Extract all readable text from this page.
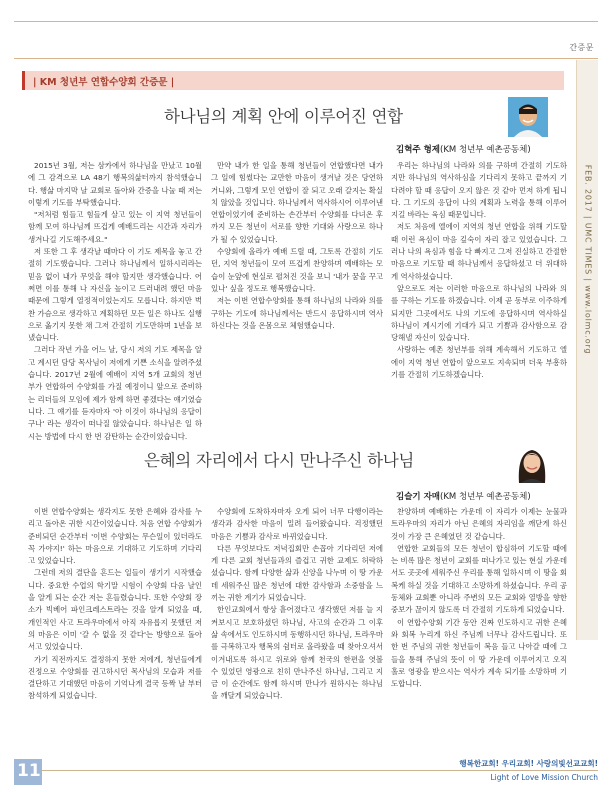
간증문
| KM 청년부 연합수양회 간증문 |
FEB. 2017 | UMC TIMES | www.lolmc.org
하나님의 계획 안에 이루어진 연합
김혁주 형제(KM 청년부 예촌공동체)

2015년 3월, 저는 삼카에서 하나님을 만났고 10월에 그 감격으로 LA 48기 행복의삶터까지 참석했습니다. 행삶 마지막 날 교회로 돌아와 간증을 나눌 때 저는 이렇게 기도를 부탁했습니다.

"저처럼 힘들고 힘들게 살고 있는 이 지역 청년들이 함께 모여 하나님께 뜨겁게 예배드리는 시간과 자리가 생겨나길 기도해주세요."

저 또한 그 후 생각날 때마다 이 기도 제목을 놓고 간절히 기도했습니다. 그러나 하나님께서 일하시리라는 믿음 없이 내가 무엇을 해야 할지만 생각했습니다. 어쩌면 이를 통해 나 자신을 높이고 드러내려 했던 마음 때문에 그렇게 열정적이었는지도 모릅니다. 하지만 벅찬 가슴으로 생각하고 계획하던 모든 일은 하나도 실행으로 옮기지 못한 채 그저 간절히 기도만하며 1년을 보냈습니다.

그러다 작년 가을 어느 날, 당시 저의 기도 제목을 알고 계시던 담당 목사님이 저에게 기쁜 소식을 알려주셨습니다. 2017년 2월에 예배이 지역 5개 교회의 청년부가 연합하여 수양회를 가질 예정이니 앞으로 준비하는 리더들의 모임에 제가 함께 하면 좋겠다는 얘기였습니다. 그 얘기를 듣자마자 '아 이것이 하나님의 응답이구나' 라는 생각이 떠나질 않았습니다. 하나님은 일 하시는 방법에 다시 한 번 감탄하는 순간이었습니다.

만약 내가 한 일을 통해 청년들이 연합했다면 내가 그 일에 힘썼다는 교만한 마음이 생겨날 것은 당연하거니와, 그렇게 모인 연합이 잘 되고 오래 갈지는 확실치 않았을 것입니다. 하나님께서 역사하시어 이루어낸 연합이었기에 준비하는 손간부터 수양회를 다녀온 후까지 모든 청년이 서로를 향한 기대와 사랑으로 하나가 될 수 있었습니다.

수양회에 올라가 예배 드릴 때, 그토록 간절히 기도던, 지역 청년들이 모여 뜨겁게 찬양하며 예배하는 모습이 눈앞에 현실로 펼쳐진 것을 보니 '내가 꿈을 꾸고 있나' 싶을 정도로 행복했습니다.

저는 이번 연합수양회를 통해 하나님의 나라와 의를 구하는 기도에 하나님께서는 반드시 응답하시며 역사하신다는 것을 온몸으로 체험했습니다.

우리는 하나님의 나라와 의를 구하며 간절히 기도하지만 하나님의 역사하심을 기다리지 못하고 끝까지 기다려야 할 때 응답이 오지 않은 것 같아 먼저 하게 됩니다. 그 기도의 응답이 나의 계획과 노력을 통해 이루어지길 바라는 육심 때문입니다.

저도 처음에 엘에이 지역의 청년 연합을 위해 기도할 때 이런 욕심이 마음 깊숙이 자리 잡고 있었습니다. 그러나 나의 욕심과 힘을 다 빠지고 그저 진실하고 간절한 마음으로 기도할 때 하나님께서 응답하셨고 더 위대하게 역사하셨습니다.

앞으로도 저는 이러한 마음으로 하나님의 나라와 의를 구하는 기도를 하겠습니다. 이제 곧 동부로 이주하게 되지만 그곳에서도 나의 기도에 응답하시며 역사하실 하나님이 계시기에 기대가 되고 기쁨과 감사함으로 감당해낼 자신이 있습니다.

사랑하는 예촌 청년부를 위해 계속해서 기도하고 엘에이 지역 청년 연합이 앞으로도 지속되며 더욱 부흥하기를 간절히 기도하겠습니다.

은혜의 자리에서 다시 만나주신 하나님
김슬기 자매(KM 청년부 예촌공동체)

이번 연합수양회는 생각지도 못한 은혜와 감사를 누리고 돌아온 귀한 시간이었습니다. 처음 연합 수양회가 준비되던 순간부터 '이번 수양회는 무슨일이 있더라도 꼭 가야지!' 하는 마음으로 기대하고 기도하며 기다리고 있었습니다.

그런데 저의 결단을 흔드는 일들이 생기기 시작했습니다. 중요한 수업의 학기말 시험이 수양회 다음 날인을 알게 되는 순간 저는 흔들렸습니다. 또한 수양회 장소가 빅베어 파인크레스트라는 것을 알게 되었을 때, 개인적인 사고 트라우마에서 아직 자유롭지 못했던 저의 마음은 이미 '갈 수 없을 것 같다'는 방향으로 돌아서고 있었습니다.

가기 직전까지도 결정하지 못한 저에게, 청년들에게 진정으로 수양회를 권고하시던 목사님의 모습과 저를 결단하고 기대했던 마음이 기억나게 결국 등짝 날 부터 참석하게 되었습니다.

수양회에 도착하자마자 오게 되어 너무 다행이라는 생각과 감사한 마음이 밀려 들어왔습니다. 걱정했던 마음은 기쁨과 감사로 바뀌었습니다.

다른 무엇보다도 저녁집회만 손꼽아 기다리던 저에게 다른 교회 청년들과의 즐겁고 귀한 교제도 허락하셨습니다. 함께 다양한 삶과 신앙을 나누며 이 땅 가운데 세워주신 많은 청년에 대한 감사함과 소중함을 느끼는 귀한 계기가 되었습니다.

한인교회에서 항상 흩어졌다고 생각했던 저를 늘 지켜보시고 보호하셨던 하나님, 사고의 순간과 그 이후 삶 속에서도 인도하시며 동행하시던 하나님, 트라우마를 극복하고자 행복의 쉼터로 올라왔을 때 찾아오셔서 이겨내도록 하시고 위로와 함께 천국의 한편을 엿볼 수 있었던 영광으로 친히 만나주신 하나님, 그리고 지금 이 순간에도 함께 하시며 만나가 원하시는 하나님을 깨달게 되었습니다.

찬양하며 예배하는 가운데 이 자리가 이제는 눈물과 트라우마의 자리가 아닌 은혜의 자리임을 깨닫게 하신 것이 가장 큰 은혜였던 것 같습니다.

연합한 교회들의 모든 청년이 합심하여 기도할 때에는 비록 많은 청년이 교회를 떠나가고 있는 현실 가운데서도 곳곳에 세워주신 우리를 통해 일하시며 이 땅을 회복케 하실 것을 기대하고 소망하게 하셨습니다. 우리 공동체와 교회뿐 아니라 주변의 모든 교회와 열방을 향한 중보가 끊이지 않도록 더 간절히 기도하게 되었습니다.

이 연합수양회 기간 동안 진짜 인도하시고 귀한 은혜와 회복 누리게 하신 주님께 너무나 감사드립니다. 또 한 번 주님의 귀한 청년들이 복음 들고 나아갈 때에 그들을 통해 주님의 뜻이 이 땅 가운데 이루어지고 오직 홀로 영광을 받으시는 역사가 계속 되기를 소망하며 기도합니다.

11	행복한교회! 우리교회! 사랑의빛선교교회!
Light of Love Mission Church
